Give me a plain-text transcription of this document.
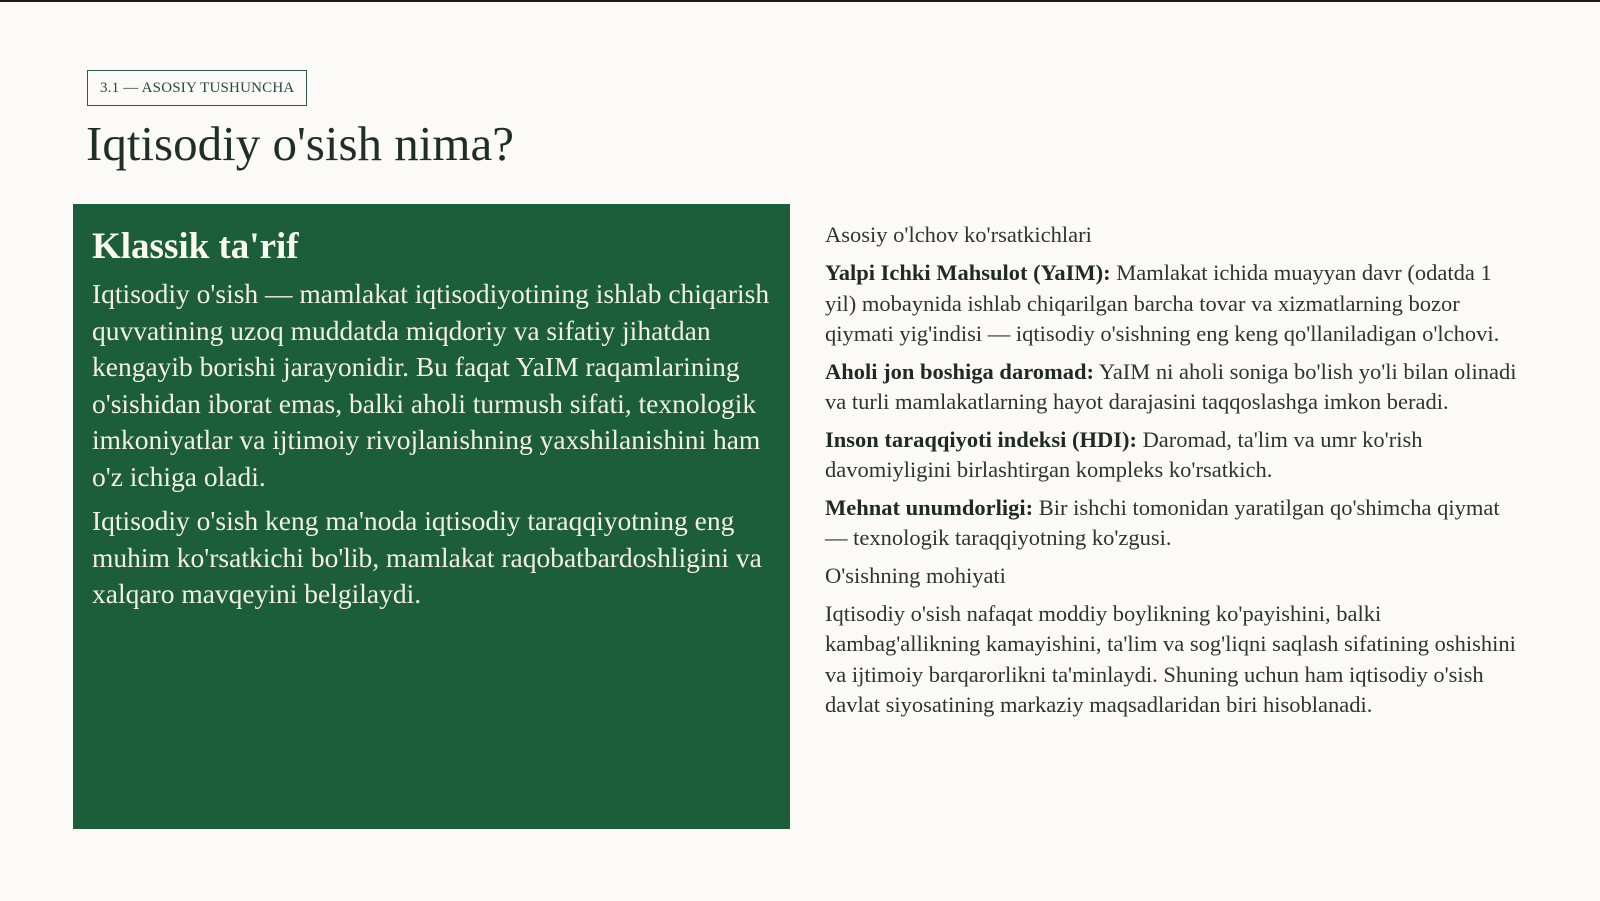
3.1 — ASOSIY TUSHUNCHA
Iqtisodiy o'sish nima?
Klassik ta'rif

Iqtisodiy o'sish — mamlakat iqtisodiyotining ishlab chiqarish quvvatining uzoq muddatda miqdoriy va sifatiy jihatdan kengayib borishi jarayonidir. Bu faqat YaIM raqamlarining o'sishidan iborat emas, balki aholi turmush sifati, texnologik imkoniyatlar va ijtimoiy rivojlanishning yaxshilanishini ham o'z ichiga oladi.

Iqtisodiy o'sish keng ma'noda iqtisodiy taraqqiyotning eng muhim ko'rsatkichi bo'lib, mamlakat raqobatbardoshligini va xalqaro mavqeyini belgilaydi.

Asosiy o'lchov ko'rsatkichlari

Yalpi Ichki Mahsulot (YaIM): Mamlakat ichida muayyan davr (odatda 1 yil) mobaynida ishlab chiqarilgan barcha tovar va xizmatlarning bozor qiymati yig'indisi — iqtisodiy o'sishning eng keng qo'llaniladigan o'lchovi.

Aholi jon boshiga daromad: YaIM ni aholi soniga bo'lish yo'li bilan olinadi va turli mamlakatlarning hayot darajasini taqqoslashga imkon beradi.

Inson taraqqiyoti indeksi (HDI): Daromad, ta'lim va umr ko'rish davomiyligini birlashtirgan kompleks ko'rsatkich.

Mehnat unumdorligi: Bir ishchi tomonidan yaratilgan qo'shimcha qiymat — texnologik taraqqiyotning ko'zgusi.

O'sishning mohiyati

Iqtisodiy o'sish nafaqat moddiy boylikning ko'payishini, balki kambag'allikning kamayishini, ta'lim va sog'liqni saqlash sifatining oshishini va ijtimoiy barqarorlikni ta'minlaydi. Shuning uchun ham iqtisodiy o'sish davlat siyosatining markaziy maqsadlaridan biri hisoblanadi.
